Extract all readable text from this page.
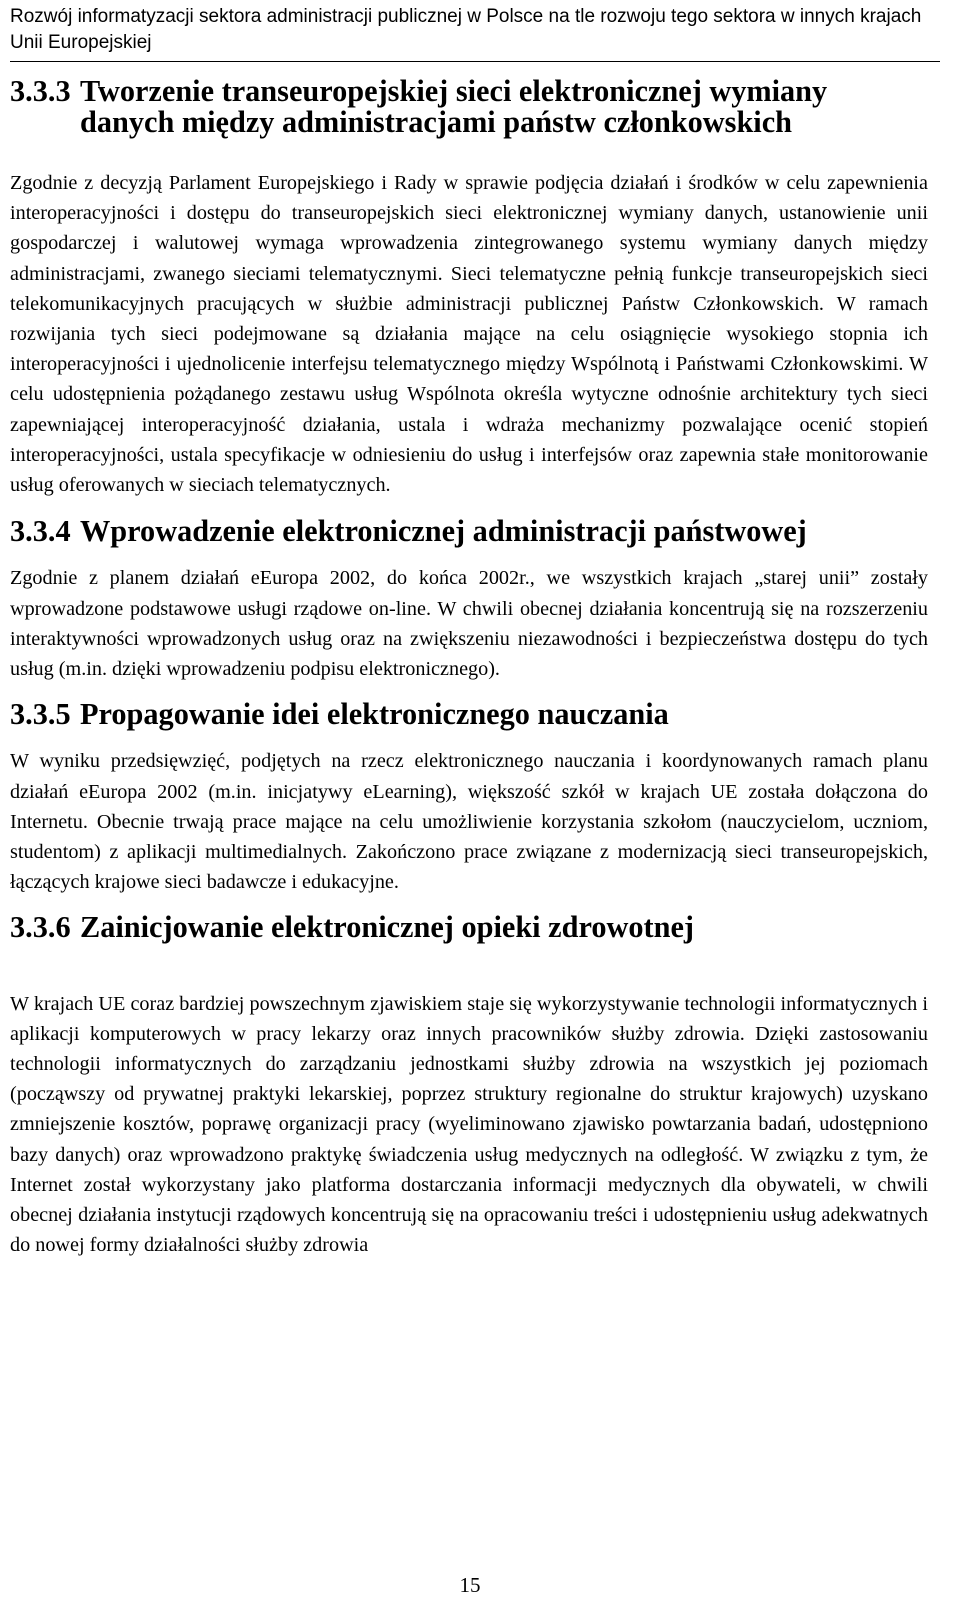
Rozwój informatyzacji sektora administracji publicznej w Polsce na tle rozwoju tego sektora w innych krajach Unii Europejskiej
3.3.3 Tworzenie transeuropejskiej sieci elektronicznej wymiany danych między administracjami państw członkowskich

Zgodnie z decyzją Parlament Europejskiego i Rady w sprawie podjęcia działań i środków w celu zapewnienia interoperacyjności i dostępu do transeuropejskich sieci elektronicznej wymiany danych, ustanowienie unii gospodarczej i walutowej wymaga wprowadzenia zintegrowanego systemu wymiany danych między administracjami, zwanego sieciami telematycznymi. Sieci telematyczne pełnią funkcje transeuropejskich sieci telekomunikacyjnych pracujących w służbie administracji publicznej Państw Członkowskich. W ramach rozwijania tych sieci podejmowane są działania mające na celu osiągnięcie wysokiego stopnia ich interoperacyjności i ujednolicenie interfejsu telematycznego między Wspólnotą i Państwami Członkowskimi. W celu udostępnienia pożądanego zestawu usług Wspólnota określa wytyczne odnośnie architektury tych sieci zapewniającej interoperacyjność działania, ustala i wdraża mechanizmy pozwalające ocenić stopień interoperacyjności, ustala specyfikacje w odniesieniu do usług i interfejsów oraz zapewnia stałe monitorowanie usług oferowanych w sieciach telematycznych.

3.3.4 Wprowadzenie elektronicznej administracji państwowej

Zgodnie z planem działań eEuropa 2002, do końca 2002r., we wszystkich krajach „starej unii” zostały wprowadzone podstawowe usługi rządowe on-line. W chwili obecnej działania koncentrują się na rozszerzeniu interaktywności wprowadzonych usług oraz na zwiększeniu niezawodności i bezpieczeństwa dostępu do tych usług (m.in. dzięki wprowadzeniu podpisu elektronicznego).

3.3.5 Propagowanie idei elektronicznego nauczania

W wyniku przedsięwzięć, podjętych na rzecz elektronicznego nauczania i koordynowanych ramach planu działań eEuropa 2002 (m.in. inicjatywy eLearning), większość szkół w krajach UE została dołączona do Internetu. Obecnie trwają prace mające na celu umożliwienie korzystania szkołom (nauczycielom, uczniom, studentom) z aplikacji multimedialnych. Zakończono prace związane z modernizacją sieci transeuropejskich, łączących krajowe sieci badawcze i edukacyjne.

3.3.6 Zainicjowanie elektronicznej opieki zdrowotnej

W krajach UE coraz bardziej powszechnym zjawiskiem staje się wykorzystywanie technologii informatycznych i aplikacji komputerowych w pracy lekarzy oraz innych pracowników służby zdrowia. Dzięki zastosowaniu technologii informatycznych do zarządzaniu jednostkami służby zdrowia na wszystkich jej poziomach (począwszy od prywatnej praktyki lekarskiej, poprzez struktury regionalne do struktur krajowych) uzyskano zmniejszenie kosztów, poprawę organizacji pracy (wyeliminowano zjawisko powtarzania badań, udostępniono bazy danych) oraz wprowadzono praktykę świadczenia usług medycznych na odległość. W związku z tym, że Internet został wykorzystany jako platforma dostarczania informacji medycznych dla obywateli, w chwili obecnej działania instytucji rządowych koncentrują się na opracowaniu treści i udostępnieniu usług adekwatnych do nowej formy działalności służby zdrowia

15
